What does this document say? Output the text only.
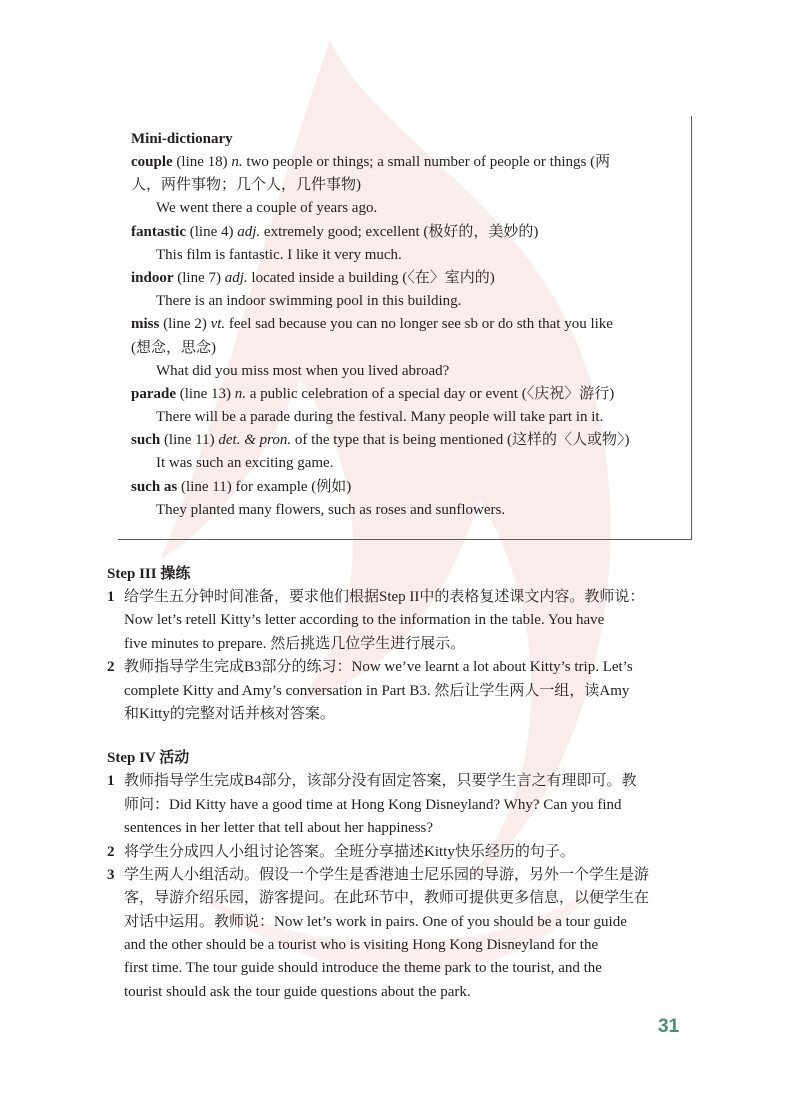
Mini-dictionary
couple (line 18) n. two people or things; a small number of people or things (两
人，两件事物；几个人，几件事物)
We went there a couple of years ago.
fantastic (line 4) adj. extremely good; excellent (极好的，美妙的)
This film is fantastic. I like it very much.
indoor (line 7) adj. located inside a building (〈在〉室内的)
There is an indoor swimming pool in this building.
miss (line 2) vt. feel sad because you can no longer see sb or do sth that you like
(想念，思念)
What did you miss most when you lived abroad?
parade (line 13) n. a public celebration of a special day or event (〈庆祝〉游行)
There will be a parade during the festival. Many people will take part in it.
such (line 11) det. & pron. of the type that is being mentioned (这样的〈人或物〉)
It was such an exciting game.
such as (line 11) for example (例如)
They planted many flowers, such as roses and sunflowers.
Step III 操练
1 给学生五分钟时间准备，要求他们根据Step II中的表格复述课文内容。教师说：
Now let’s retell Kitty’s letter according to the information in the table. You have
five minutes to prepare. 然后挑选几位学生进行展示。
2 教师指导学生完成B3部分的练习：Now we’ve learnt a lot about Kitty’s trip. Let’s
complete Kitty and Amy’s conversation in Part B3. 然后让学生两人一组，读Amy
和Kitty的完整对话并核对答案。
Step IV 活动
1 教师指导学生完成B4部分，该部分没有固定答案，只要学生言之有理即可。教
师问：Did Kitty have a good time at Hong Kong Disneyland? Why? Can you find
sentences in her letter that tell about her happiness?
2 将学生分成四人小组讨论答案。全班分享描述Kitty快乐经历的句子。
3 学生两人小组活动。假设一个学生是香港迪士尼乐园的导游，另外一个学生是游
客，导游介绍乐园，游客提问。在此环节中，教师可提供更多信息，以便学生在
对话中运用。教师说：Now let’s work in pairs. One of you should be a tour guide
and the other should be a tourist who is visiting Hong Kong Disneyland for the
first time. The tour guide should introduce the theme park to the tourist, and the
tourist should ask the tour guide questions about the park.
31
